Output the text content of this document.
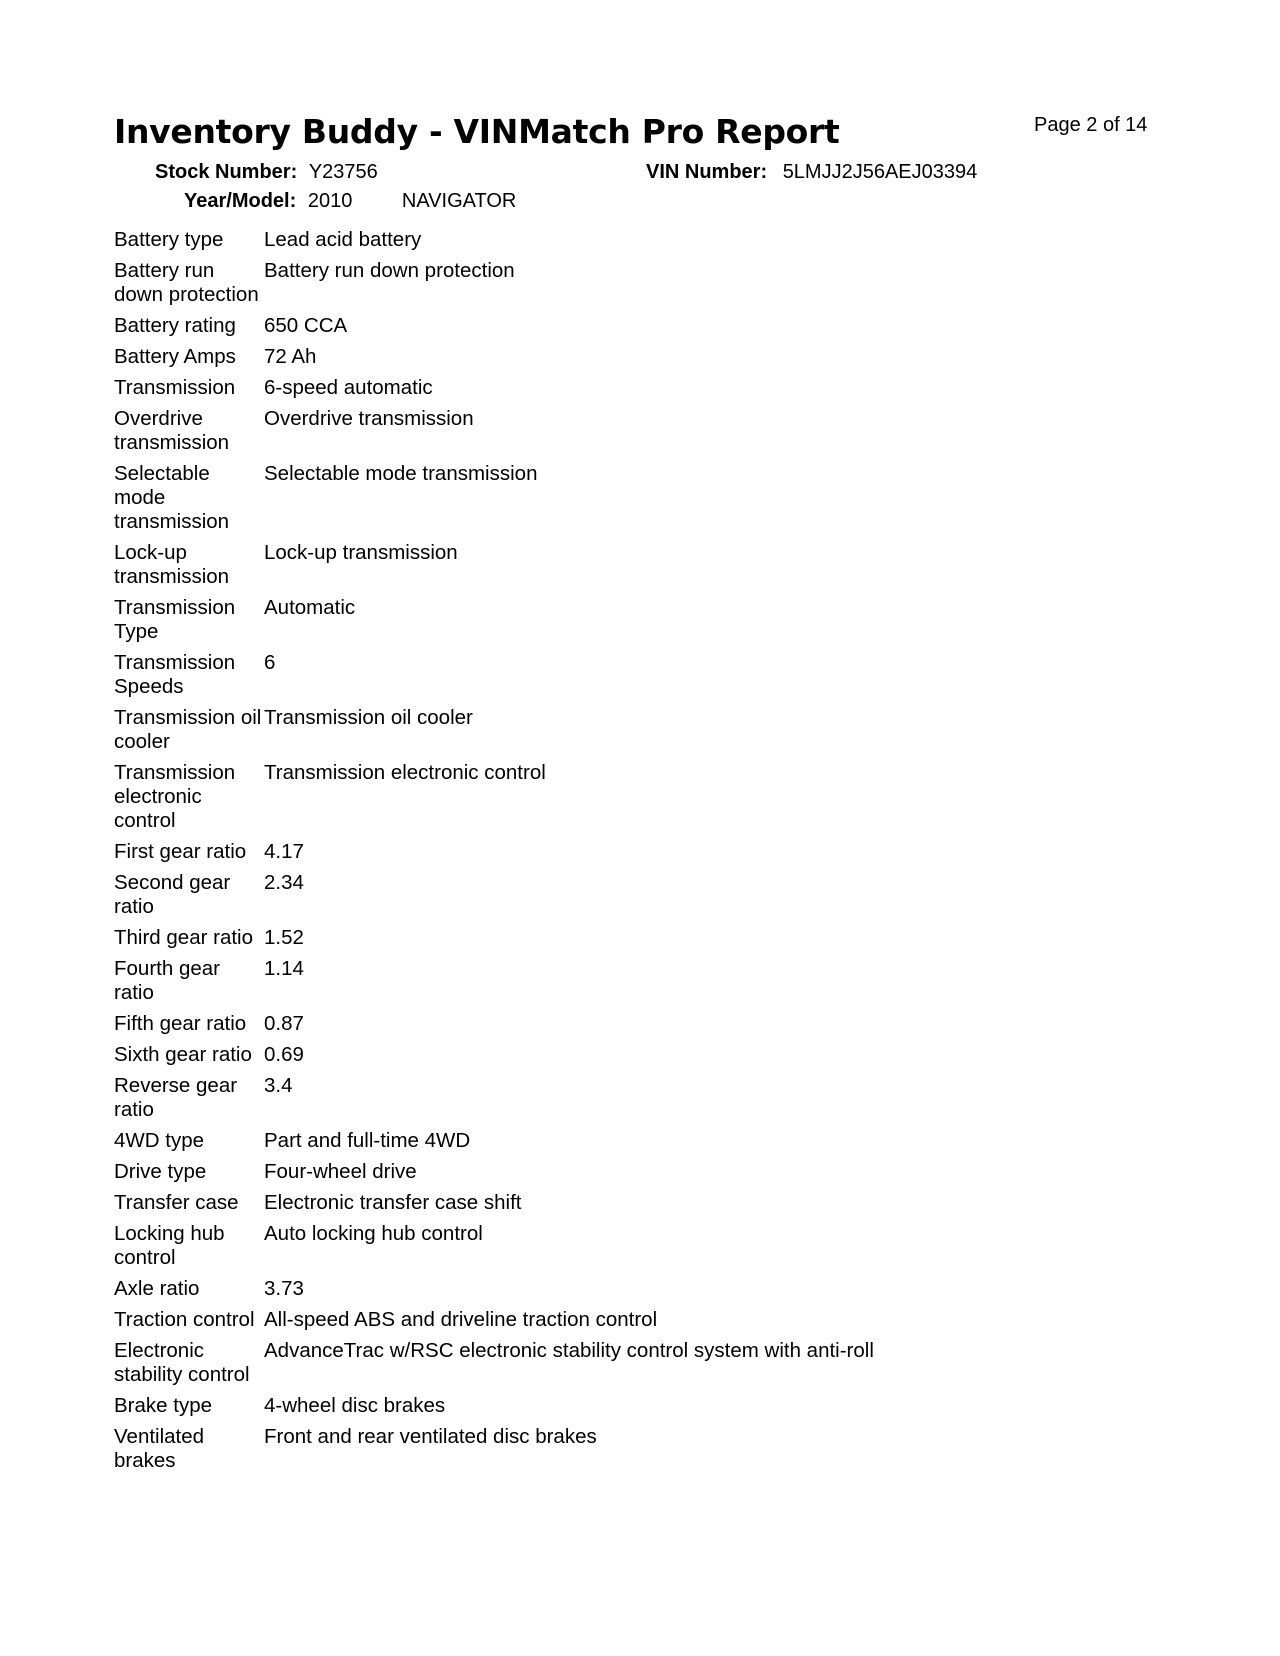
Inventory Buddy - VINMatch Pro Report	Page 2 of 14
Stock Number: Y23756	VIN Number: 5LMJJ2J56AEJ03394
Year/Model: 2010 NAVIGATOR
Battery type	Lead acid battery
Battery run down protection	Battery run down protection
Battery rating	650 CCA
Battery Amps	72 Ah
Transmission	6-speed automatic
Overdrive transmission	Overdrive transmission
Selectable mode transmission	Selectable mode transmission
Lock-up transmission	Lock-up transmission
Transmission Type	Automatic
Transmission Speeds	6
Transmission oil cooler	Transmission oil cooler
Transmission electronic control	Transmission electronic control
First gear ratio	4.17
Second gear ratio	2.34
Third gear ratio	1.52
Fourth gear ratio	1.14
Fifth gear ratio	0.87
Sixth gear ratio	0.69
Reverse gear ratio	3.4
4WD type	Part and full-time 4WD
Drive type	Four-wheel drive
Transfer case	Electronic transfer case shift
Locking hub control	Auto locking hub control
Axle ratio	3.73
Traction control	All-speed ABS and driveline traction control
Electronic stability control	AdvanceTrac w/RSC electronic stability control system with anti-roll
Brake type	4-wheel disc brakes
Ventilated brakes	Front and rear ventilated disc brakes
